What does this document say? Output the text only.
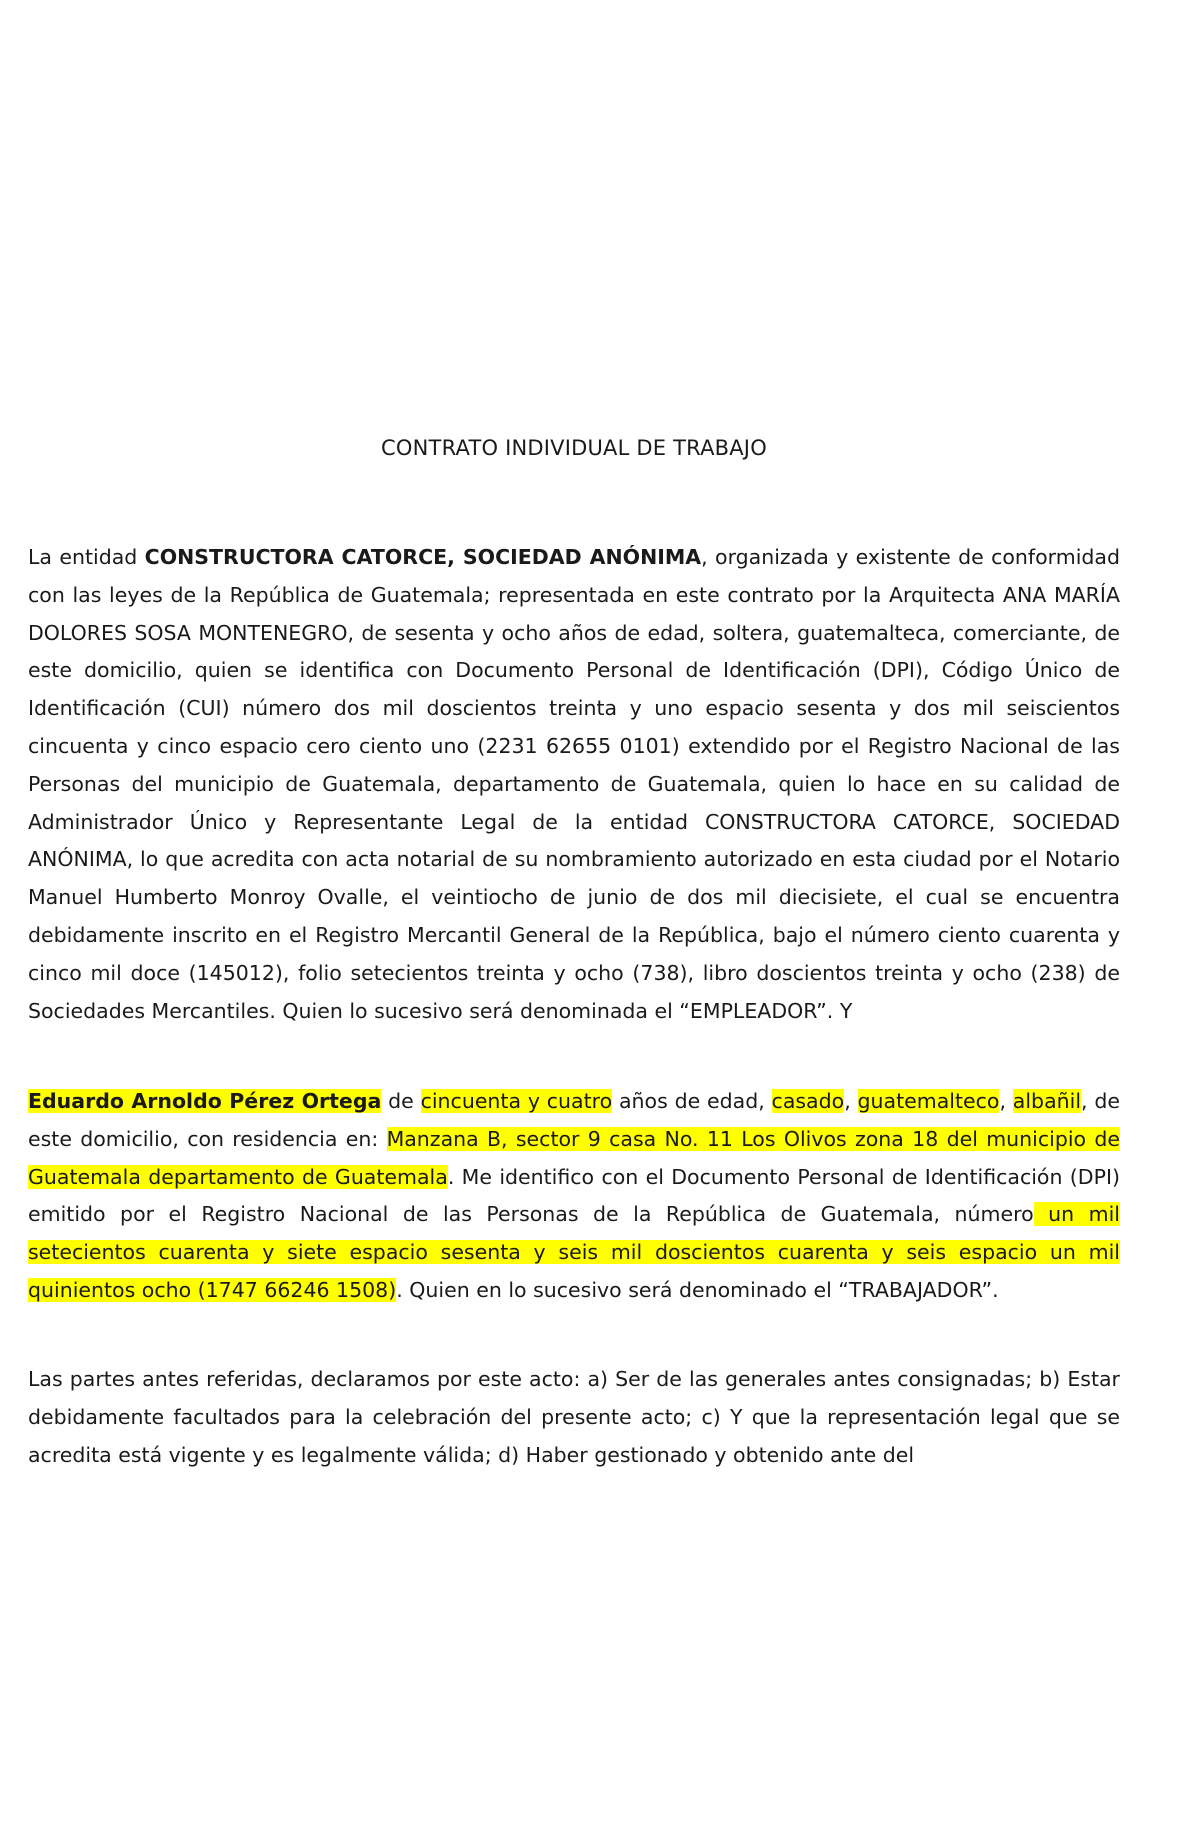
CONTRATO INDIVIDUAL DE TRABAJO

La entidad CONSTRUCTORA CATORCE, SOCIEDAD ANÓNIMA, organizada y existente de conformidad con las leyes de la República de Guatemala; representada en este contrato por la Arquitecta ANA MARÍA DOLORES SOSA MONTENEGRO, de sesenta y ocho años de edad, soltera, guatemalteca, comerciante, de este domicilio, quien se identifica con Documento Personal de Identificación (DPI), Código Único de Identificación (CUI) número dos mil doscientos treinta y uno espacio sesenta y dos mil seiscientos cincuenta y cinco espacio cero ciento uno (2231 62655 0101) extendido por el Registro Nacional de las Personas del municipio de Guatemala, departamento de Guatemala, quien lo hace en su calidad de Administrador Único y Representante Legal de la entidad CONSTRUCTORA CATORCE, SOCIEDAD ANÓNIMA, lo que acredita con acta notarial de su nombramiento autorizado en esta ciudad por el Notario Manuel Humberto Monroy Ovalle, el veintiocho de junio de dos mil diecisiete, el cual se encuentra debidamente inscrito en el Registro Mercantil General de la República, bajo el número ciento cuarenta y cinco mil doce (145012), folio setecientos treinta y ocho (738), libro doscientos treinta y ocho (238) de Sociedades Mercantiles. Quien lo sucesivo será denominada el “EMPLEADOR”. Y

Eduardo Arnoldo Pérez Ortega de cincuenta y cuatro años de edad, casado, guatemalteco, albañil, de este domicilio, con residencia en: Manzana B, sector 9 casa No. 11 Los Olivos zona 18 del municipio de Guatemala departamento de Guatemala. Me identifico con el Documento Personal de Identificación (DPI) emitido por el Registro Nacional de las Personas de la República de Guatemala, número un mil setecientos cuarenta y siete espacio sesenta y seis mil doscientos cuarenta y seis espacio un mil quinientos ocho (1747 66246 1508). Quien en lo sucesivo será denominado el “TRABAJADOR”.

Las partes antes referidas, declaramos por este acto: a) Ser de las generales antes consignadas; b) Estar debidamente facultados para la celebración del presente acto; c) Y que la representación legal que se acredita está vigente y es legalmente válida; d) Haber gestionado y obtenido ante del
